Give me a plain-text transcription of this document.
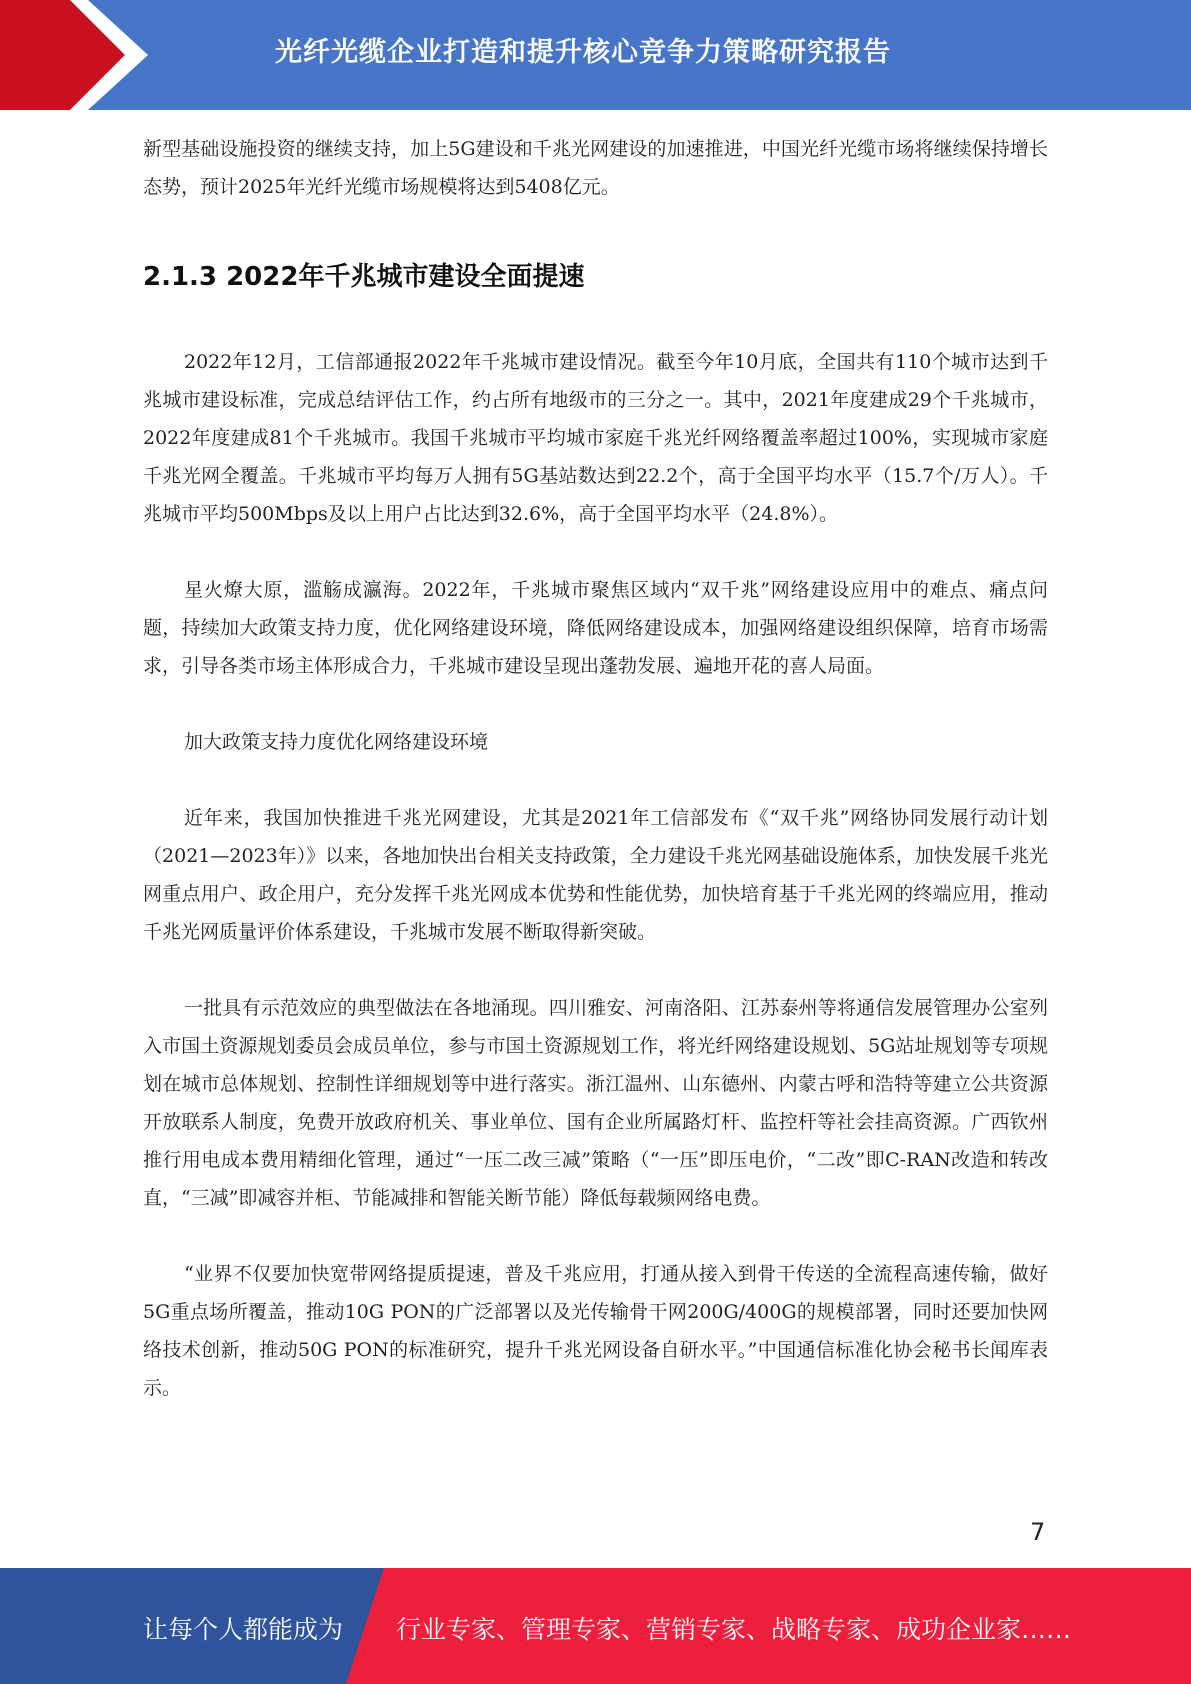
光纤光缆企业打造和提升核心竞争力策略研究报告

新型基础设施投资的继续支持，加上5G建设和千兆光网建设的加速推进，中国光纤光缆市场将继续保持增长态势，预计2025年光纤光缆市场规模将达到5408亿元。

2.1.3 2022年千兆城市建设全面提速

2022年12月，工信部通报2022年千兆城市建设情况。截至今年10月底，全国共有110个城市达到千兆城市建设标准，完成总结评估工作，约占所有地级市的三分之一。其中，2021年度建成29个千兆城市，2022年度建成81个千兆城市。我国千兆城市平均城市家庭千兆光纤网络覆盖率超过100%，实现城市家庭千兆光网全覆盖。千兆城市平均每万人拥有5G基站数达到22.2个，高于全国平均水平（15.7个/万人）。千兆城市平均500Mbps及以上用户占比达到32.6%，高于全国平均水平（24.8%）。

星火燎大原，滥觞成瀛海。2022年，千兆城市聚焦区域内“双千兆”网络建设应用中的难点、痛点问题，持续加大政策支持力度，优化网络建设环境，降低网络建设成本，加强网络建设组织保障，培育市场需求，引导各类市场主体形成合力，千兆城市建设呈现出蓬勃发展、遍地开花的喜人局面。

加大政策支持力度优化网络建设环境

近年来，我国加快推进千兆光网建设，尤其是2021年工信部发布《“双千兆”网络协同发展行动计划（2021—2023年）》以来，各地加快出台相关支持政策，全力建设千兆光网基础设施体系，加快发展千兆光网重点用户、政企用户，充分发挥千兆光网成本优势和性能优势，加快培育基于千兆光网的终端应用，推动千兆光网质量评价体系建设，千兆城市发展不断取得新突破。

一批具有示范效应的典型做法在各地涌现。四川雅安、河南洛阳、江苏泰州等将通信发展管理办公室列入市国土资源规划委员会成员单位，参与市国土资源规划工作，将光纤网络建设规划、5G站址规划等专项规划在城市总体规划、控制性详细规划等中进行落实。浙江温州、山东德州、内蒙古呼和浩特等建立公共资源开放联系人制度，免费开放政府机关、事业单位、国有企业所属路灯杆、监控杆等社会挂高资源。广西钦州推行用电成本费用精细化管理，通过“一压二改三减”策略（“一压”即压电价，“二改”即C-RAN改造和转改直，“三减”即减容并柜、节能减排和智能关断节能）降低每载频网络电费。

“业界不仅要加快宽带网络提质提速，普及千兆应用，打通从接入到骨干传送的全流程高速传输，做好5G重点场所覆盖，推动10G PON的广泛部署以及光传输骨干网200G/400G的规模部署，同时还要加快网络技术创新，推动50G PON的标准研究，提升千兆光网设备自研水平。”中国通信标准化协会秘书长闻库表示。

7
让每个人都能成为 行业专家、管理专家、营销专家、战略专家、成功企业家……
